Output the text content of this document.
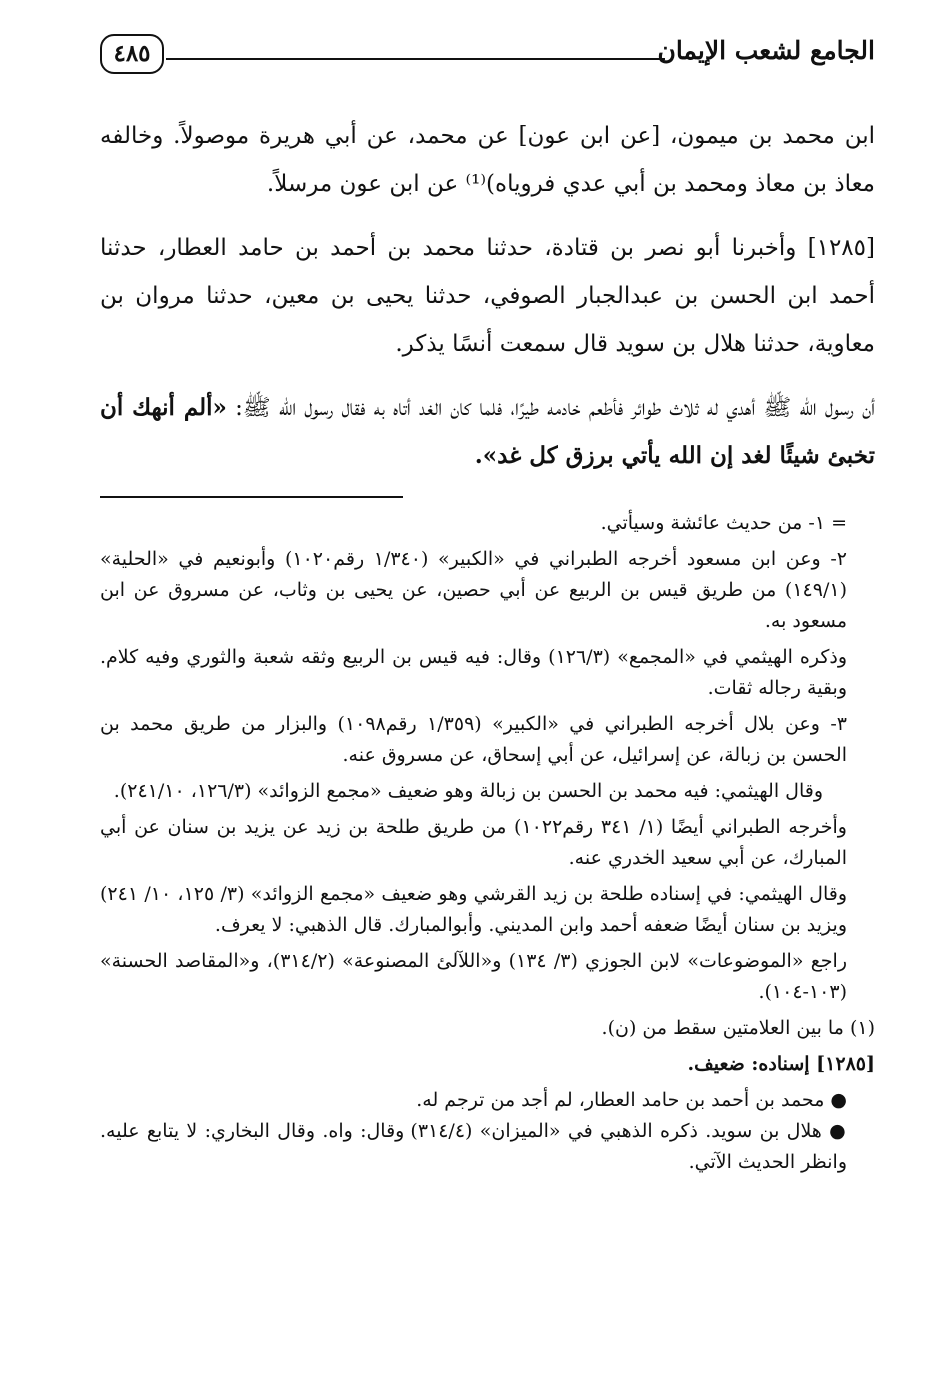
الجامع لشعب الإيمان
٤٨٥

ابن محمد بن ميمون، [عن ابن عون] عن محمد، عن أبي هريرة موصولاً. وخالفه معاذ بن معاذ ومحمد بن أبي عدي فروياه)⁽¹⁾ عن ابن عون مرسلاً.

[١٢٨٥] وأخبرنا أبو نصر بن قتادة، حدثنا محمد بن أحمد بن حامد العطار، حدثنا أحمد ابن الحسن بن عبدالجبار الصوفي، حدثنا يحيى بن معين، حدثنا مروان بن معاوية، حدثنا هلال بن سويد قال سمعت أنسًا يذكر.

أن رسول الله ﷺ أهدي له ثلاث طوائر فأطعم خادمه طيرًا، فلما كان الغد أتاه به فقال رسول الله ﷺ: «ألم أنهك أن تخبئ شيئًا لغد إن الله يأتي برزق كل غد».

= ١- من حديث عائشة وسيأتي.

٢- وعن ابن مسعود أخرجه الطبراني في «الكبير» (١/٣٤٠ رقم١٠٢٠) وأبونعيم في «الحلية» (١٤٩/١) من طريق قيس بن الربيع عن أبي حصين، عن يحيى بن وثاب، عن مسروق عن ابن مسعود به.

وذكره الهيثمي في «المجمع» (١٢٦/٣) وقال: فيه قيس بن الربيع وثقه شعبة والثوري وفيه كلام. وبقية رجاله ثقات.

٣- وعن بلال أخرجه الطبراني في «الكبير» (١/٣٥٩ رقم١٠٩٨) والبزار من طريق محمد بن الحسن بن زبالة، عن إسرائيل، عن أبي إسحاق، عن مسروق عنه.

وقال الهيثمي: فيه محمد بن الحسن بن زبالة وهو ضعيف «مجمع الزوائد» (١٢٦/٣، ٢٤١/١٠).

وأخرجه الطبراني أيضًا (١/ ٣٤١ رقم١٠٢٢) من طريق طلحة بن زيد عن يزيد بن سنان عن أبي المبارك، عن أبي سعيد الخدري عنه.

وقال الهيثمي: في إسناده طلحة بن زيد القرشي وهو ضعيف «مجمع الزوائد» (٣/ ١٢٥، ١٠/ ٢٤١) ويزيد بن سنان أيضًا ضعفه أحمد وابن المديني. وأبوالمبارك. قال الذهبي: لا يعرف.

راجع «الموضوعات» لابن الجوزي (٣/ ١٣٤) و«اللآلئ المصنوعة» (٣١٤/٢)، و«المقاصد الحسنة» (١٠٣-١٠٤).

(١) ما بين العلامتين سقط من (ن).

[١٢٨٥] إسناده: ضعيف.

● محمد بن أحمد بن حامد العطار، لم أجد من ترجم له.

● هلال بن سويد. ذكره الذهبي في «الميزان» (٣١٤/٤) وقال: واه. وقال البخاري: لا يتابع عليه. وانظر الحديث الآتي.
